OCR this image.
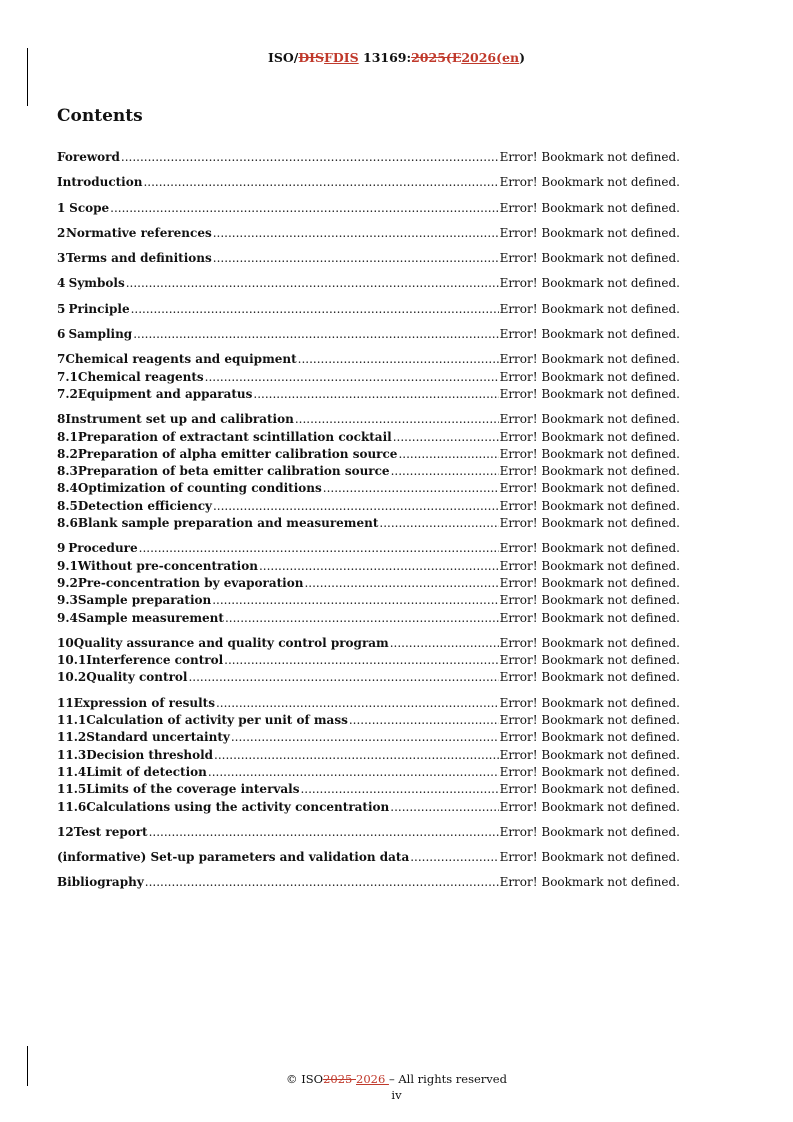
ISO/DISFDIS 13169:2025(E2026(en)
Contents
Foreword .....	Error! Bookmark not defined.
Introduction .....	Error! Bookmark not defined.
1 Scope .....	Error! Bookmark not defined.
2 Normative references .....	Error! Bookmark not defined.
3 Terms and definitions .....	Error! Bookmark not defined.
4 Symbols .....	Error! Bookmark not defined.
5 Principle .....	Error! Bookmark not defined.
6 Sampling .....	Error! Bookmark not defined.
7 Chemical reagents and equipment .....	Error! Bookmark not defined.
7.1 Chemical reagents .....	Error! Bookmark not defined.
7.2 Equipment and apparatus .....	Error! Bookmark not defined.
8 Instrument set up and calibration .....	Error! Bookmark not defined.
8.1 Preparation of extractant scintillation cocktail .....	Error! Bookmark not defined.
8.2 Preparation of alpha emitter calibration source .....	Error! Bookmark not defined.
8.3 Preparation of beta emitter calibration source .....	Error! Bookmark not defined.
8.4 Optimization of counting conditions .....	Error! Bookmark not defined.
8.5 Detection efficiency .....	Error! Bookmark not defined.
8.6 Blank sample preparation and measurement .....	Error! Bookmark not defined.
9 Procedure .....	Error! Bookmark not defined.
9.1 Without pre-concentration .....	Error! Bookmark not defined.
9.2 Pre-concentration by evaporation .....	Error! Bookmark not defined.
9.3 Sample preparation .....	Error! Bookmark not defined.
9.4 Sample measurement .....	Error! Bookmark not defined.
10 Quality assurance and quality control program .....	Error! Bookmark not defined.
10.1 Interference control .....	Error! Bookmark not defined.
10.2 Quality control .....	Error! Bookmark not defined.
11 Expression of results .....	Error! Bookmark not defined.
11.1 Calculation of activity per unit of mass .....	Error! Bookmark not defined.
11.2 Standard uncertainty .....	Error! Bookmark not defined.
11.3 Decision threshold .....	Error! Bookmark not defined.
11.4 Limit of detection .....	Error! Bookmark not defined.
11.5 Limits of the coverage intervals .....	Error! Bookmark not defined.
11.6 Calculations using the activity concentration .....	Error! Bookmark not defined.
12 Test report .....	Error! Bookmark not defined.
(informative) Set-up parameters and validation data .....	Error! Bookmark not defined.
Bibliography .....	Error! Bookmark not defined.
© ISO2025 2026 – All rights reserved
iv
